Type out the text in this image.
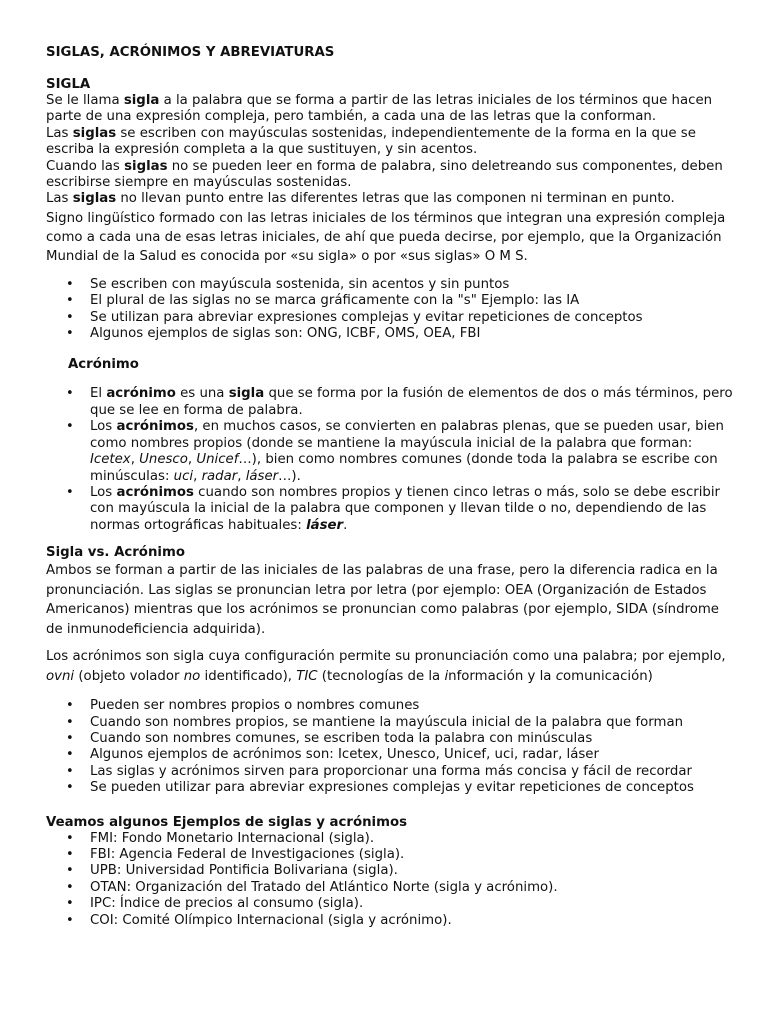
SIGLAS, ACRÓNIMOS Y ABREVIATURAS
SIGLA

Se le llama sigla a la palabra que se forma a partir de las letras iniciales de los términos que hacen parte de una expresión compleja, pero también, a cada una de las letras que la conforman.

Las siglas se escriben con mayúsculas sostenidas, independientemente de la forma en la que se escriba la expresión completa a la que sustituyen, y sin acentos.

Cuando las siglas no se pueden leer en forma de palabra, sino deletreando sus componentes, deben escribirse siempre en mayúsculas sostenidas.

Las siglas no llevan punto entre las diferentes letras que las componen ni terminan en punto.

Signo lingüístico formado con las letras iniciales de los términos que integran una expresión compleja como a cada una de esas letras iniciales, de ahí que pueda decirse, por ejemplo, que la Organización Mundial de la Salud es conocida por «su sigla» o por «sus siglas» O M S.

• Se escriben con mayúscula sostenida, sin acentos y sin puntos
• El plural de las siglas no se marca gráficamente con la "s" Ejemplo: las IA
• Se utilizan para abreviar expresiones complejas y evitar repeticiones de conceptos
• Algunos ejemplos de siglas son: ONG, ICBF, OMS, OEA, FBI
Acrónimo
• El acrónimo es una sigla que se forma por la fusión de elementos de dos o más términos, pero que se lee en forma de palabra.
• Los acrónimos, en muchos casos, se convierten en palabras plenas, que se pueden usar, bien como nombres propios (donde se mantiene la mayúscula inicial de la palabra que forman: Icetex, Unesco, Unicef…), bien como nombres comunes (donde toda la palabra se escribe con minúsculas: uci, radar, láser…).
• Los acrónimos cuando son nombres propios y tienen cinco letras o más, solo se debe escribir con mayúscula la inicial de la palabra que componen y llevan tilde o no, dependiendo de las normas ortográficas habituales: láser.
Sigla vs. Acrónimo

Ambos se forman a partir de las iniciales de las palabras de una frase, pero la diferencia radica en la pronunciación. Las siglas se pronuncian letra por letra (por ejemplo: OEA (Organización de Estados Americanos) mientras que los acrónimos se pronuncian como palabras (por ejemplo, SIDA (síndrome de inmunodeficiencia adquirida).

Los acrónimos son sigla cuya configuración permite su pronunciación como una palabra; por ejemplo, ovni (objeto volador no identificado), TIC (tecnologías de la información y la comunicación)

• Pueden ser nombres propios o nombres comunes
• Cuando son nombres propios, se mantiene la mayúscula inicial de la palabra que forman
• Cuando son nombres comunes, se escriben toda la palabra con minúsculas
• Algunos ejemplos de acrónimos son: Icetex, Unesco, Unicef, uci, radar, láser
• Las siglas y acrónimos sirven para proporcionar una forma más concisa y fácil de recordar
• Se pueden utilizar para abreviar expresiones complejas y evitar repeticiones de conceptos
Veamos algunos Ejemplos de siglas y acrónimos
• FMI: Fondo Monetario Internacional (sigla).
• FBI: Agencia Federal de Investigaciones (sigla).
• UPB: Universidad Pontificia Bolivariana (sigla).
• OTAN: Organización del Tratado del Atlántico Norte (sigla y acrónimo).
• IPC: Índice de precios al consumo (sigla).
• COI: Comité Olímpico Internacional (sigla y acrónimo).
